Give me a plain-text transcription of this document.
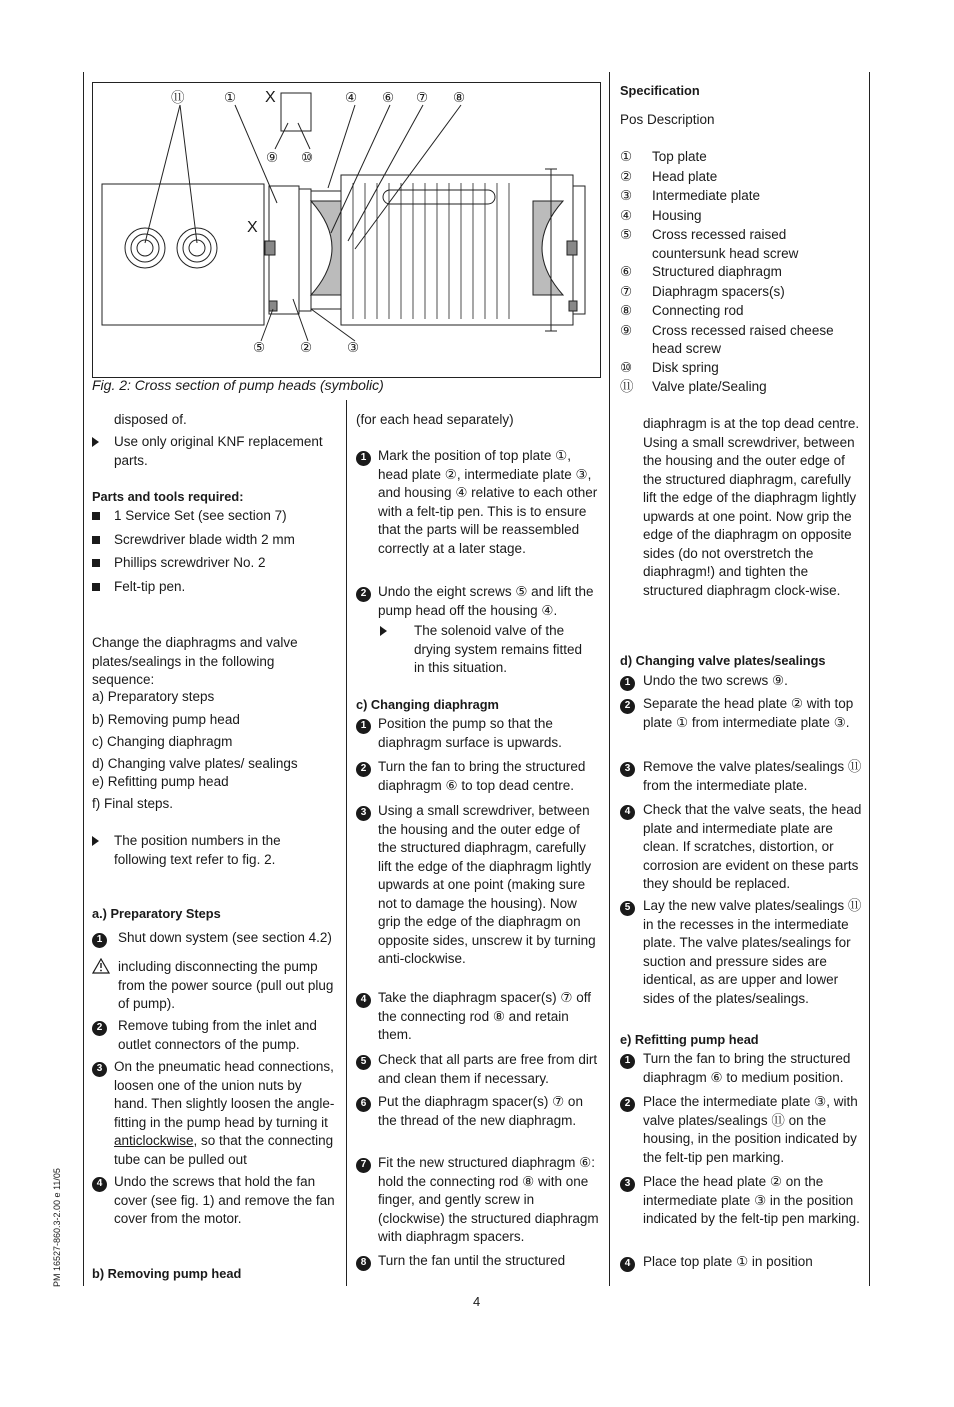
⑪	① X	④ ⑥ ⑦ ⑧
⑨ ⑩
X
⑤	②	③
Fig. 2: Cross section of pump heads (symbolic)
disposed of.
Use only original KNF replacement parts.
Parts and tools required:
1 Service Set (see section 7)
Screwdriver blade width 2 mm
Phillips screwdriver No. 2
Felt-tip pen.
Change the diaphragms and valve plates/sealings in the following sequence:
a) Preparatory steps
b) Removing pump head
c) Changing diaphragm
d) Changing valve plates/ sealings
e) Refitting pump head
f) Final steps.
The position numbers in the following text refer to fig. 2.
a.) Preparatory Steps
1	Shut down system (see section 4.2)
including disconnecting the pump from the power source (pull out plug of pump).
2	Remove tubing from the inlet and outlet connectors of the pump.
3 On the pneumatic head connections, loosen one of the union nuts by hand. Then slightly loosen the angle-fitting in the pump head by turning it anticlockwise, so that the connecting tube can be pulled out
4 Undo the screws that hold the fan cover (see fig. 1) and remove the fan cover from the motor.
b) Removing pump head
(for each head separately)
1 Mark the position of top plate ①, head plate ②, intermediate plate ③, and housing ④ relative to each other with a felt-tip pen. This is to ensure that the parts will be reassembled correctly at a later stage.
2 Undo the eight screws ⑤ and lift the pump head off the housing ④.
The solenoid valve of the drying system remains fitted in this situation.
c) Changing diaphragm
1 Position the pump so that the diaphragm surface is upwards.
2 Turn the fan to bring the structured diaphragm ⑥ to top dead centre.
3 Using a small screwdriver, between the housing and the outer edge of the structured diaphragm, carefully lift the edge of the diaphragm lightly upwards at one point (making sure not to damage the housing). Now grip the edge of the diaphragm on opposite sides, unscrew it by turning anti-clockwise.
4 Take the diaphragm spacer(s) ⑦ off the connecting rod ⑧ and retain them.
5 Check that all parts are free from dirt and clean them if necessary.
6 Put the diaphragm spacer(s) ⑦ on the thread of the new diaphragm.
7 Fit the new structured diaphragm ⑥: hold the connecting rod ⑧ with one finger, and gently screw in (clockwise) the structured diaphragm with diaphragm spacers.
8 Turn the fan until the structured
Specification
Pos Description
①	Top plate
②	Head plate
③	Intermediate plate
④	Housing
⑤	Cross recessed raised countersunk head screw
⑥	Structured diaphragm
⑦	Diaphragm spacers(s)
⑧	Connecting rod
⑨	Cross recessed raised cheese head screw
⑩	Disk spring
⑪	Valve plate/Sealing
diaphragm is at the top dead centre. Using a small screwdriver, between the housing and the outer edge of the structured diaphragm, carefully lift the edge of the diaphragm lightly upwards at one point. Now grip the edge of the diaphragm on opposite sides (do not overstretch the diaphragm!) and tighten the structured diaphragm clock-wise.
d) Changing valve plates/sealings
1 Undo the two screws ⑨.
2 Separate the head plate ② with top plate ① from intermediate plate ③.
3 Remove the valve plates/sealings ⑪ from the intermediate plate.
4 Check that the valve seats, the head plate and intermediate plate are clean. If scratches, distortion, or corrosion are evident on these parts they should be replaced.
5 Lay the new valve plates/sealings ⑪ in the recesses in the intermediate plate. The valve plates/sealings for suction and pressure sides are identical, as are upper and lower sides of the plates/sealings.
e) Refitting pump head
1 Turn the fan to bring the structured diaphragm ⑥ to medium position.
2 Place the intermediate plate ③, with valve plates/sealings ⑪ on the housing, in the position indicated by the felt-tip pen marking.
3 Place the head plate ② on the intermediate plate ③ in the position indicated by the felt-tip pen marking.
4 Place top plate ① in position
4
PM 16527-860.3-2.00 e 11/05
